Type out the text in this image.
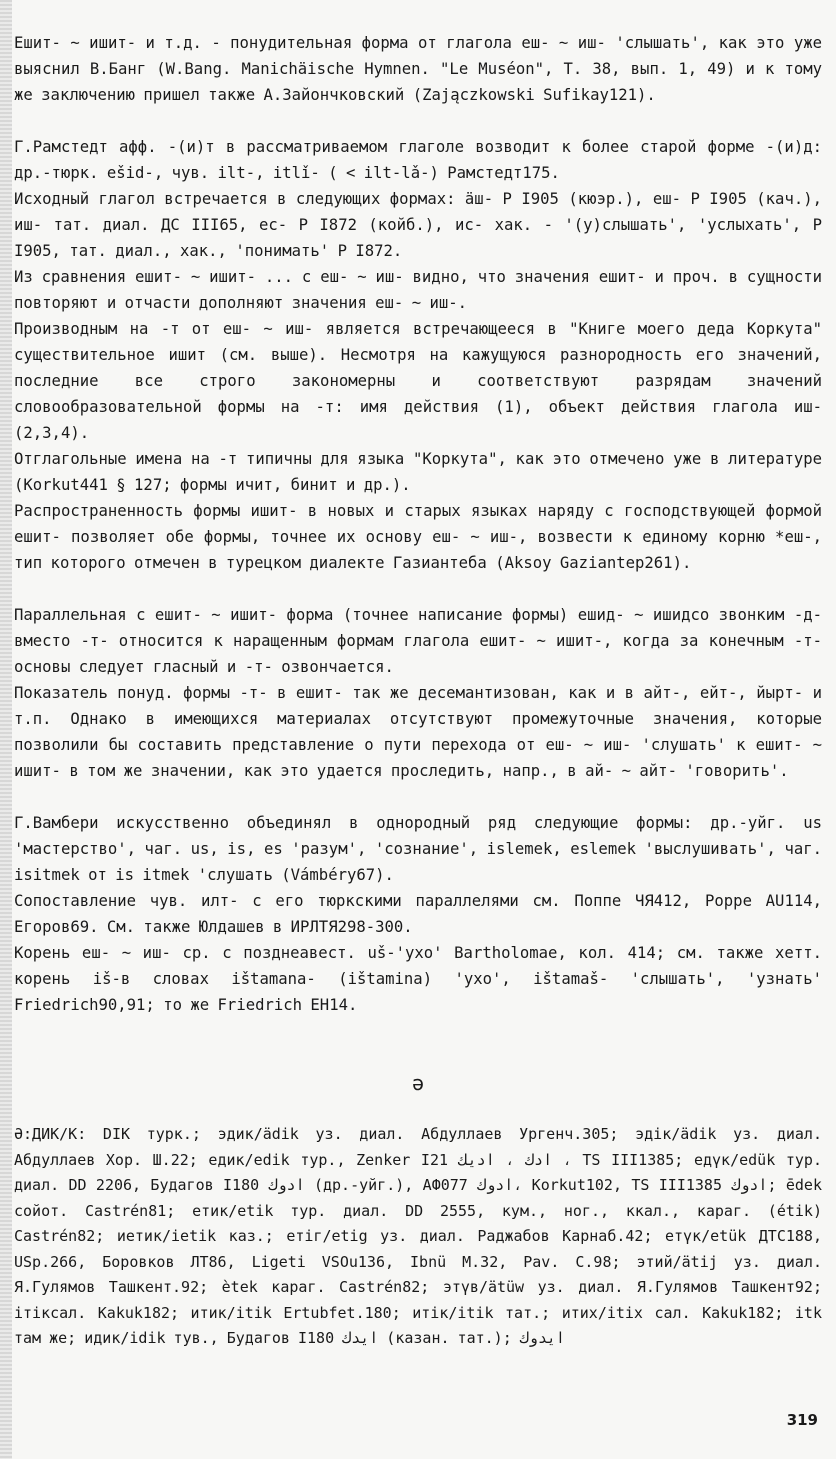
Ешит- ~ ишит- и т.д. - понудительная форма от глагола еш- ~ иш- 'слышать', как это уже выяснил В.Банг (W.Bang. Manichäische Hymnen. "Le Muséon", T. 38, вып. 1, 49) и к тому же заключению пришел также А.Зайончковский (Zajączkowski Sufikay121).

Г.Рамстедт афф. -(и)т в рассматриваемом глаголе возводит к более старой форме -(и)д: др.-тюрк. ešid-, чув. ilt-, itlǐ- ( < ilt-lǎ-) Рамстедт175.

Исходный глагол встречается в следующих формах: äш- Р I905 (кюэр.), еш- Р I905 (кач.), иш- тат. диал. ДС III65, ес- Р I872 (койб.), ис- хак. - '(у)слышать', 'услыхать', Р I905, тат. диал., хак., 'понимать' Р I872.

Из сравнения ешит- ~ ишит- ... с еш- ~ иш- видно, что значения ешит- и проч. в сущности повторяют и отчасти дополняют значения еш- ~ иш-.

Производным на -т от еш- ~ иш- является встречающееся в "Книге моего деда Коркута" существительное ишит (см. выше). Несмотря на кажущуюся разнородность его значений, последние все строго закономерны и соответствуют разрядам значений словообразовательной формы на -т: имя действия (1), объект действия глагола иш- (2,3,4).

Отглагольные имена на -т типичны для языка "Коркута", как это отмечено уже в литературе (Korkut441 § 127; формы ичит, бинит и др.).

Распространенность формы ишит- в новых и старых языках наряду с господствующей формой ешит- позволяет обе формы, точнее их основу еш- ~ иш-, возвести к единому корню *еш-, тип которого отмечен в турецком диалекте Газиантеба (Aksoy Gaziantep261).

Параллельная с ешит- ~ ишит- форма (точнее написание формы) ешид- ~ ишидсо звонким -д- вместо -т- относится к нарaщенным формам глагола ешит- ~ ишит-, когда за конечным -т- основы следует гласный и -т- озвончается.

Показатель понуд. формы -т- в ешит- так же десемантизован, как и в айт-, ейт-, йырт- и т.п. Однако в имеющихся материалах отсутствуют промежуточные значения, которые позволили бы составить представление о пути перехода от еш- ~ иш- 'слушать' к ешит- ~ ишит- в том же значении, как это удается проследить, напр., в ай- ~ айт- 'говорить'.

Г.Вамбери искусственно объединял в однородный ряд следующие формы: др.-уйг. us 'мастерство', чаг. us, is, es 'разум', 'сознание', islemek, eslemek 'выслушивать', чаг. isitmek от is itmek 'слушать (Vámbéry67).

Сопоставление чув. илт- с его тюркскими параллелями см. Поппе ЧЯ412, Poppe AU114, Егоров69. См. также Юлдашев в ИРЛТЯ298-300.

Корень еш- ~ иш- ср. с позднеавест. uš-'ухо' Bartholomae, кол. 414; см. также хетт. корень iš-в словах ištamana- (ištamina) 'ухо', ištamaš- 'слышать', 'узнать' Friedrich90,91; то же Friedrich EH14.

ә

Ә:ДИК/К: DIK турк.; эдик/ädik уз. диал. Абдуллаев Ургенч.305; эдiк/ädik уз. диал. Абдуллаев Хор. Ш.22; едик/edik тур., Zenker I21 ادك ، اديك ، TS III1385; едүк/edük тур. диал. DD 2206, Будагов I180 ادوك (др.-уйг.), АФ077 ادوك، Korkut102, TS III1385 ادوك; ēdek сойот. Castrén81; етик/etik тур. диал. DD 2555, кум., ног., ккал., караг. (étik) Castrén82; иетик/ietik каз.; етiг/etig уз. диал. Раджабов Карнаб.42; етүк/etük ДТС188, USp.266, Боровков ЛТ86, Ligeti VSOu136, Ibnü M.32, Pav. C.98; этий/ätij уз. диал. Я.Гулямов Ташкент.92; ètek караг. Castrén82; этүв/ätüw уз. диал. Я.Гулямов Ташкент92; ітікcал. Kakuk182; итик/itik Ertubfet.180; итiк/itik тат.; итих/itix сал. Kakuk182; itk там же; идик/idik тув., Будагов I180 ايدك (казан. тат.); ايدوك

319
